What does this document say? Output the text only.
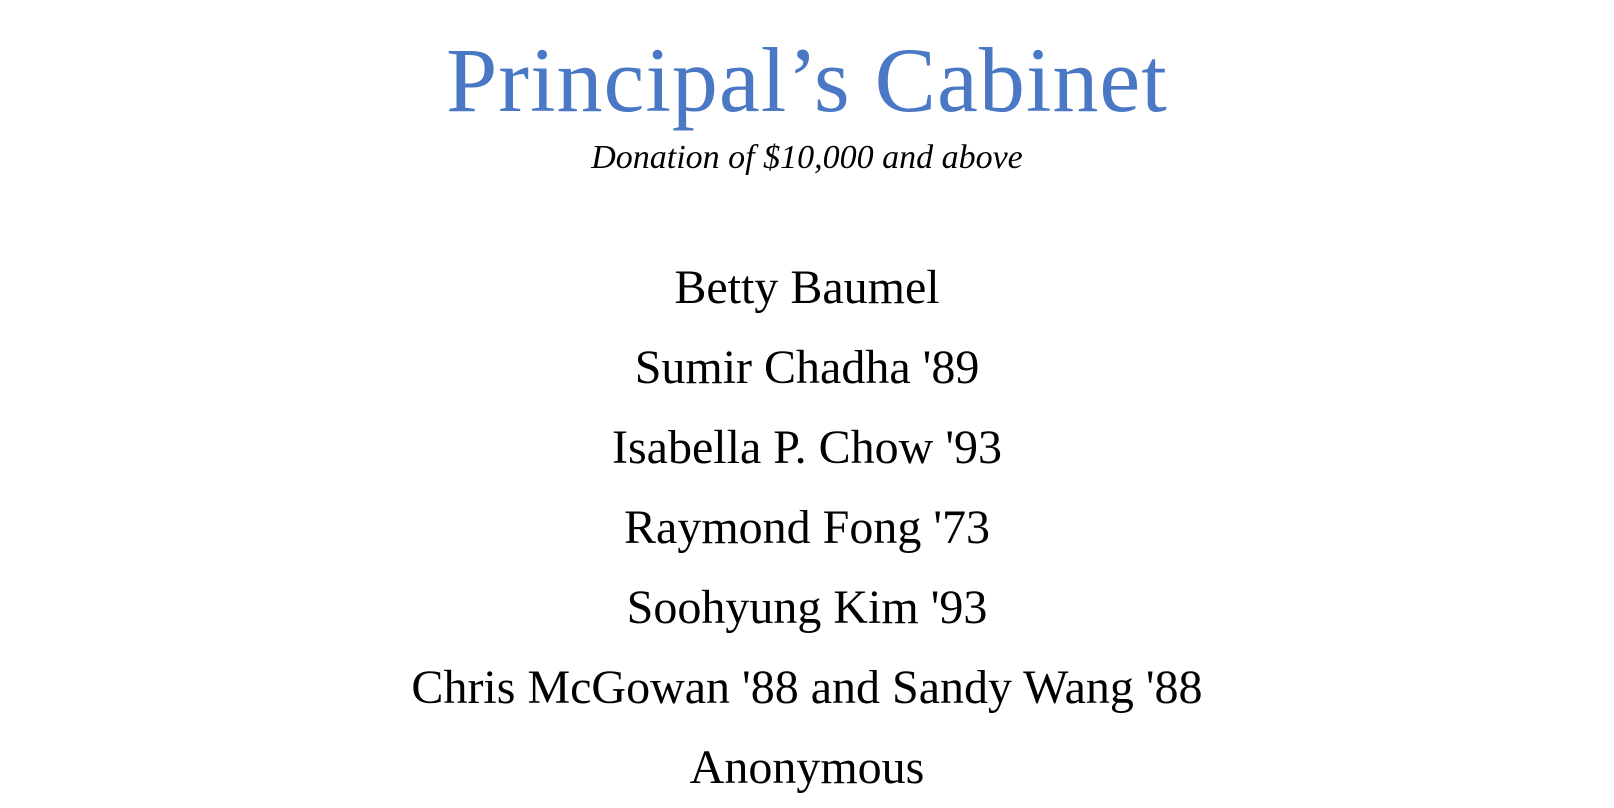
Principal’s Cabinet

Donation of $10,000 and above

Betty Baumel
Sumir Chadha '89
Isabella P. Chow '93
Raymond Fong '73
Soohyung Kim '93
Chris McGowan '88 and Sandy Wang '88
Anonymous
